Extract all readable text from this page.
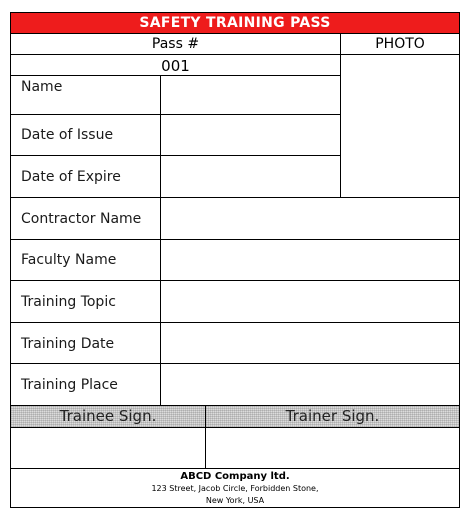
SAFETY TRAINING PASS
Pass #	PHOTO
001
Name
Date of Issue
Date of Expire
Contractor Name
Faculty Name
Training Topic
Training Date
Training Place
Trainee Sign.	Trainer Sign.
ABCD Company ltd.
123 Street, Jacob Circle, Forbidden Stone,
New York, USA
